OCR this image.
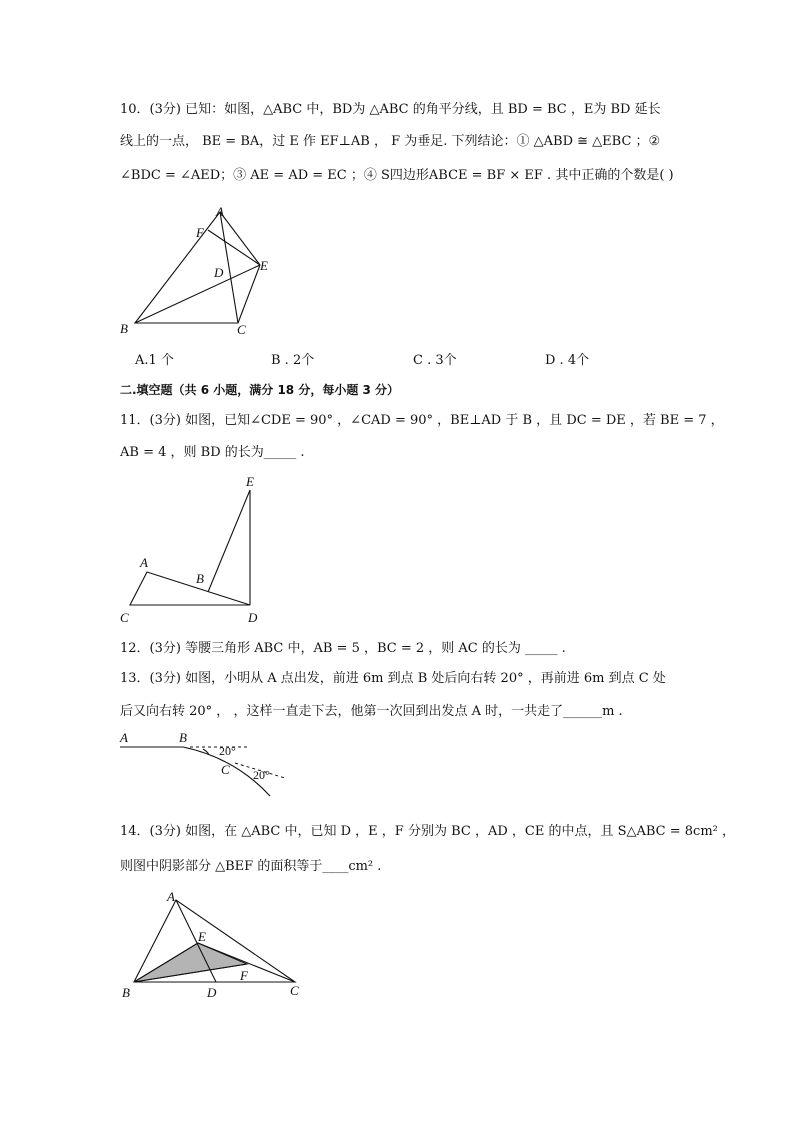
10．(3分) 已知：如图，△ABC 中，BD为 △ABC 的角平分线，且 BD = BC ，E为 BD 延长
线上的一点， BE = BA，过 E 作 EF⊥AB ， F 为垂足. 下列结论：① △ABD ≅ △EBC ；②
∠BDC = ∠AED；③ AE = AD = EC ；④ S四边形ABCE = BF × EF . 其中正确的个数是( )
A
F
D	E
B	C
A.1 个	B . 2个	C . 3个	D . 4个
二.填空题（共 6 小题，满分 18 分，每小题 3 分）
11．(3分) 如图，已知∠CDE = 90° ，∠CAD = 90° ，BE⊥AD 于 B ，且 DC = DE ，若 BE = 7 ，
AB = 4 ，则 BD 的长为_____ .
E
A
B
C	D
12．(3分) 等腰三角形 ABC 中，AB = 5 ，BC = 2 ，则 AC 的长为 _____ .
13．(3分) 如图，小明从 A 点出发，前进 6m 到点 B 处后向右转 20° ，再前进 6m 到点 C 处
后又向右转 20° ， ，这样一直走下去，他第一次回到出发点 A 时，一共走了______m .
A	B
C
20°
20°
14．(3分) 如图，在 △ABC 中，已知 D ，E ，F 分别为 BC ，AD ，CE 的中点，且 S△ABC = 8cm² ，
则图中阴影部分 △BEF 的面积等于____cm² .
A
E
F
B	D	C
